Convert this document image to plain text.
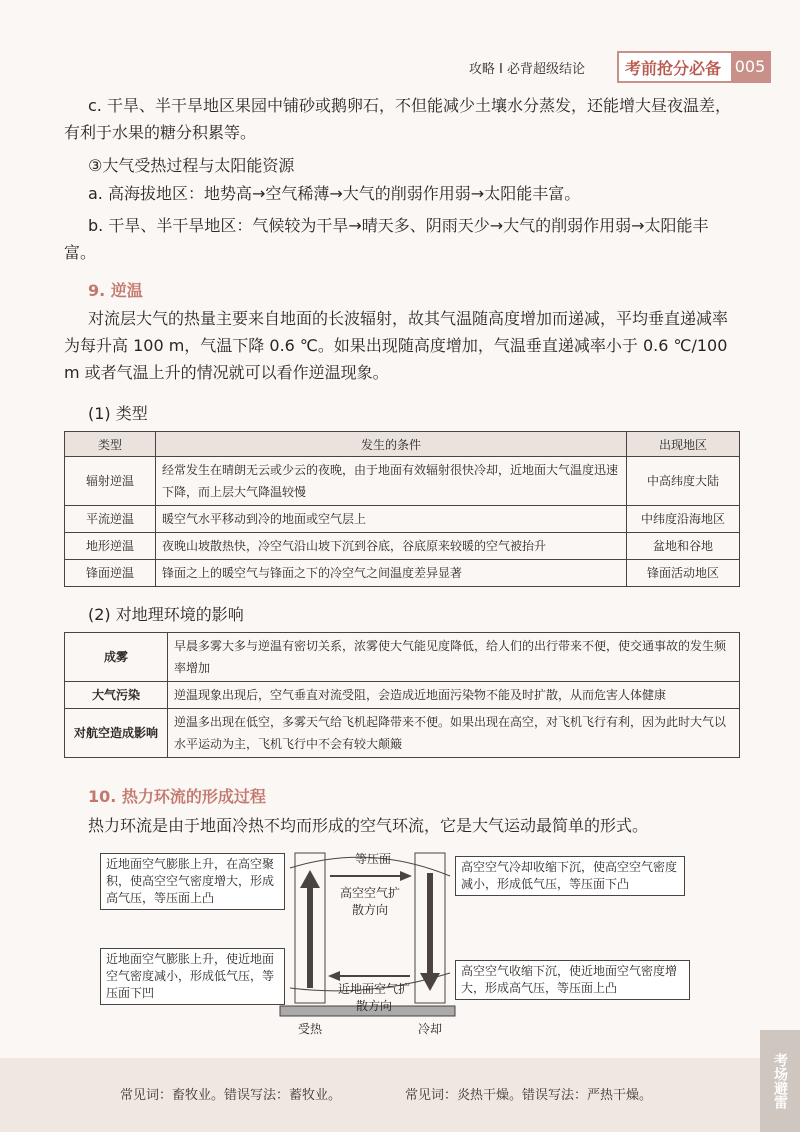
攻略 I 必背超级结论	考前抢分必备 005

c. 干旱、半干旱地区果园中铺砂或鹅卵石，不但能减少土壤水分蒸发，还能增大昼夜温差，有利于水果的糖分积累等。

③大气受热过程与太阳能资源

a. 高海拔地区：地势高→空气稀薄→大气的削弱作用弱→太阳能丰富。

b. 干旱、半干旱地区：气候较为干旱→晴天多、阴雨天少→大气的削弱作用弱→太阳能丰富。

9. 逆温

对流层大气的热量主要来自地面的长波辐射，故其气温随高度增加而递减，平均垂直递减率为每升高 100 m，气温下降 0.6 ℃。如果出现随高度增加，气温垂直递减率小于 0.6 ℃/100 m 或者气温上升的情况就可以看作逆温现象。

(1) 类型
类型	发生的条件	出现地区
辐射逆温	经常发生在晴朗无云或少云的夜晚，由于地面有效辐射很快冷却，近地面大气温度迅速下降，而上层大气降温较慢	中高纬度大陆
平流逆温	暖空气水平移动到冷的地面或空气层上	中纬度沿海地区
地形逆温	夜晚山坡散热快，冷空气沿山坡下沉到谷底，谷底原来较暖的空气被抬升	盆地和谷地
锋面逆温	锋面之上的暖空气与锋面之下的冷空气之间温度差异显著	锋面活动地区
(2) 对地理环境的影响
成雾	早晨多雾大多与逆温有密切关系，浓雾使大气能见度降低，给人们的出行带来不便，使交通事故的发生频率增加
大气污染	逆温现象出现后，空气垂直对流受阻，会造成近地面污染物不能及时扩散，从而危害人体健康
对航空造成影响	逆温多出现在低空，多雾天气给飞机起降带来不便。如果出现在高空，对飞机飞行有利，因为此时大气以水平运动为主，飞机飞行中不会有较大颠簸
10. 热力环流的形成过程

热力环流是由于地面冷热不均而形成的空气环流，它是大气运动最简单的形式。

近地面空气膨胀上升，在高空聚积，使高空空气密度增大，形成高气压，等压面上凸
高空空气冷却收缩下沉，使高空空气密度减小，形成低气压，等压面下凸
近地面空气膨胀上升，使近地面空气密度减小，形成低气压，等压面下凹
高空空气收缩下沉，使近地面空气密度增大，形成高气压，等压面上凸
等压面
高空空气扩散方向
近地面空气扩散方向
受热	冷却
常见词：畜牧业。错误写法：蓄牧业。	常见词：炎热干燥。错误写法：严热干燥。	考场避雷
